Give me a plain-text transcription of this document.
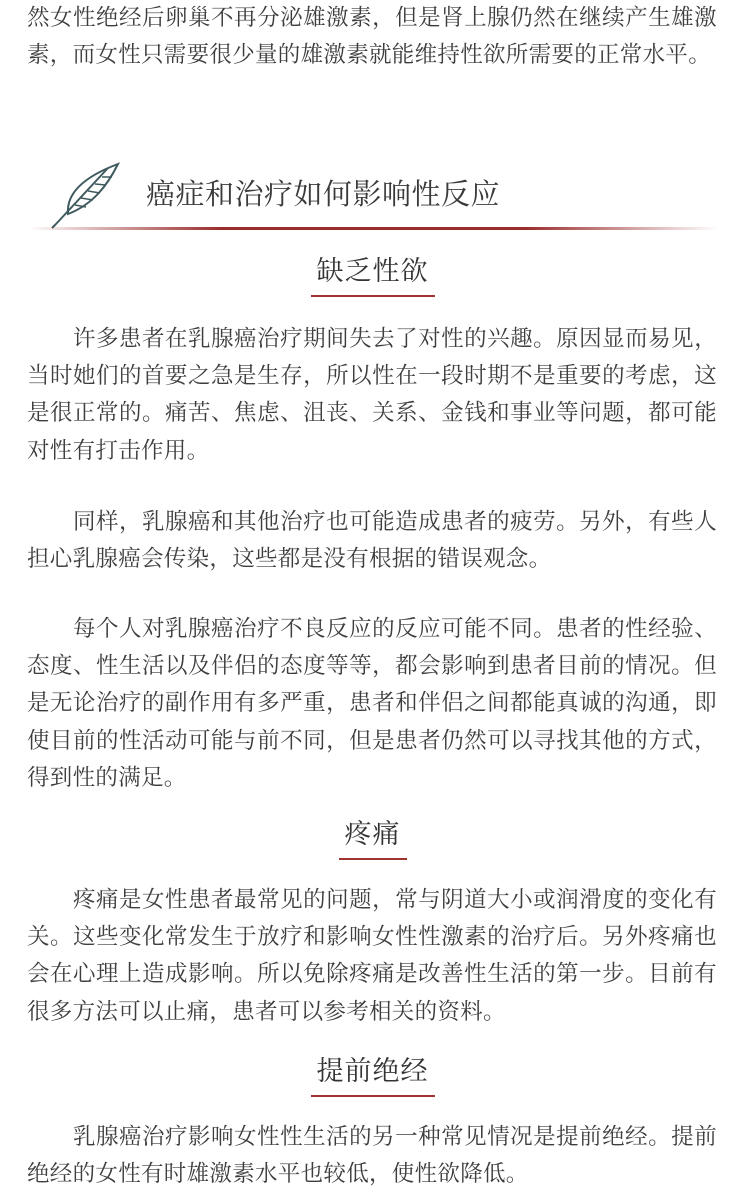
然女性绝经后卵巢不再分泌雄激素，但是肾上腺仍然在继续产生雄激素，而女性只需要很少量的雄激素就能维持性欲所需要的正常水平。

癌症和治疗如何影响性反应
缺乏性欲

许多患者在乳腺癌治疗期间失去了对性的兴趣。原因显而易见，当时她们的首要之急是生存，所以性在一段时期不是重要的考虑，这是很正常的。痛苦、焦虑、沮丧、关系、金钱和事业等问题，都可能对性有打击作用。

同样，乳腺癌和其他治疗也可能造成患者的疲劳。另外，有些人担心乳腺癌会传染，这些都是没有根据的错误观念。

每个人对乳腺癌治疗不良反应的反应可能不同。患者的性经验、态度、性生活以及伴侣的态度等等，都会影响到患者目前的情况。但是无论治疗的副作用有多严重，患者和伴侣之间都能真诚的沟通，即使目前的性活动可能与前不同，但是患者仍然可以寻找其他的方式，得到性的满足。

疼痛

疼痛是女性患者最常见的问题，常与阴道大小或润滑度的变化有关。这些变化常发生于放疗和影响女性性激素的治疗后。另外疼痛也会在心理上造成影响。所以免除疼痛是改善性生活的第一步。目前有很多方法可以止痛，患者可以参考相关的资料。

提前绝经

乳腺癌治疗影响女性性生活的另一种常见情况是提前绝经。提前绝经的女性有时雄激素水平也较低，使性欲降低。
